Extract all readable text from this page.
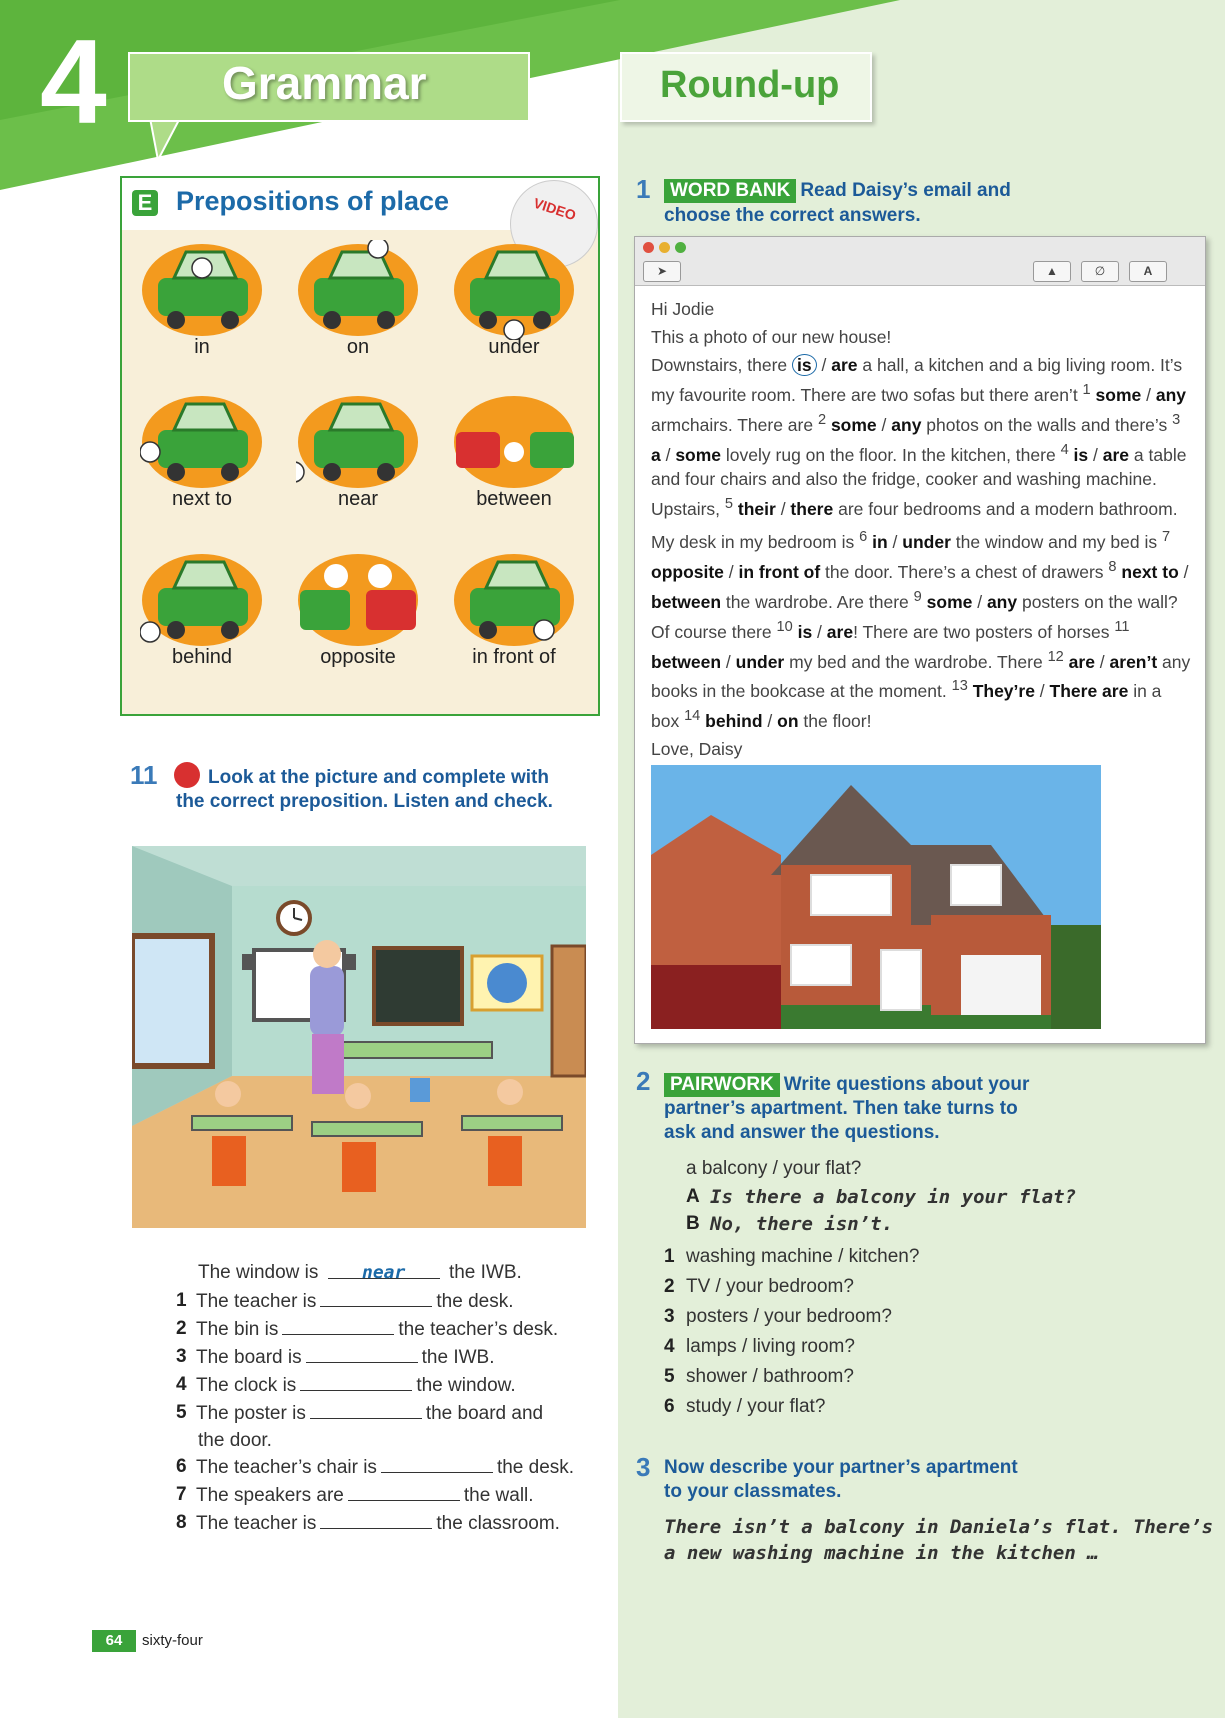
4	Grammar	Round-up
E Prepositions of place	VIDEO
in	on	under
next to	near	between
behind	opposite	in front of
11	Look at the picture and complete with
the correct preposition. Listen and check.
The window is near the IWB.
1 The teacher is	the desk.
2 The bin is	the teacher’s desk.
3 The board is	the IWB.
4 The clock is	the window.
5 The poster is	the board and
the door.
6 The teacher’s chair is	the desk.
7 The speakers are	the wall.
8 The teacher is	the classroom.
1	WORD BANK Read Daisy’s email and
choose the correct answers.
➤	▲	∅	A

Hi Jodie

This a photo of our new house!

Downstairs, there is / are a hall, a kitchen and a big living room. It’s my favourite room. There are two sofas but there aren’t $^1$ some / any armchairs. There are $^2$ some / any photos on the walls and there’s $^3$ a / some lovely rug on the floor. In the kitchen, there $^4$ is / are a table and four chairs and also the fridge, cooker and washing machine. Upstairs, $^5$ their / there are four bedrooms and a modern bathroom.

My desk in my bedroom is $^6$ in / under the window and my bed is $^7$ opposite / in front of the door. There’s a chest of drawers $^8$ next to / between the wardrobe. Are there $^9$ some / any posters on the wall? Of course there $^{10}$ is / are! There are two posters of horses $^{11}$ between / under my bed and the wardrobe. There $^{12}$ are / aren’t any books in the bookcase at the moment. $^{13}$ They’re / There are in a box $^{14}$ behind / on the floor!

Love, Daisy

2	PAIRWORK Write questions about your
partner’s apartment. Then take turns to
ask and answer the questions.
a balcony / your flat?
A Is there a balcony in your flat?
B No, there isn’t.
1 washing machine / kitchen?
2 TV / your bedroom?
3 posters / your bedroom?
4 lamps / living room?
5 shower / bathroom?
6 study / your flat?
3 Now describe your partner’s apartment
to your classmates.
There isn’t a balcony in Daniela’s flat. There’s
a new washing machine in the kitchen …
64	sixty-four
